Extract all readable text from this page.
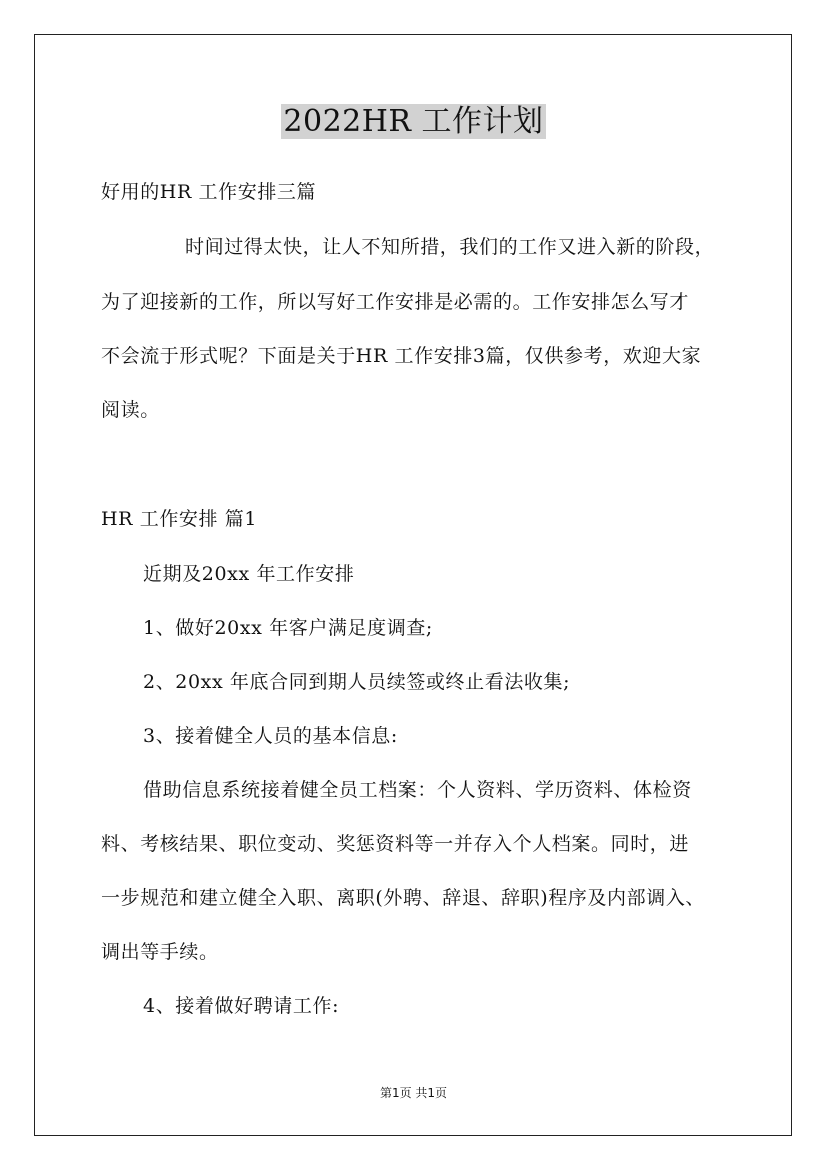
2022HR 工作计划
好用的HR 工作安排三篇
时间过得太快，让人不知所措，我们的工作又进入新的阶段，
为了迎接新的工作，所以写好工作安排是必需的。工作安排怎么写才
不会流于形式呢？下面是关于HR 工作安排3篇，仅供参考，欢迎大家
阅读。
HR 工作安排 篇1
近期及20xx 年工作安排
1、做好20xx 年客户满足度调查;
2、20xx 年底合同到期人员续签或终止看法收集;
3、接着健全人员的基本信息:
借助信息系统接着健全员工档案：个人资料、学历资料、体检资
料、考核结果、职位变动、奖惩资料等一并存入个人档案。同时，进
一步规范和建立健全入职、离职(外聘、辞退、辞职)程序及内部调入、
调出等手续。
4、接着做好聘请工作:
第1页 共1页
